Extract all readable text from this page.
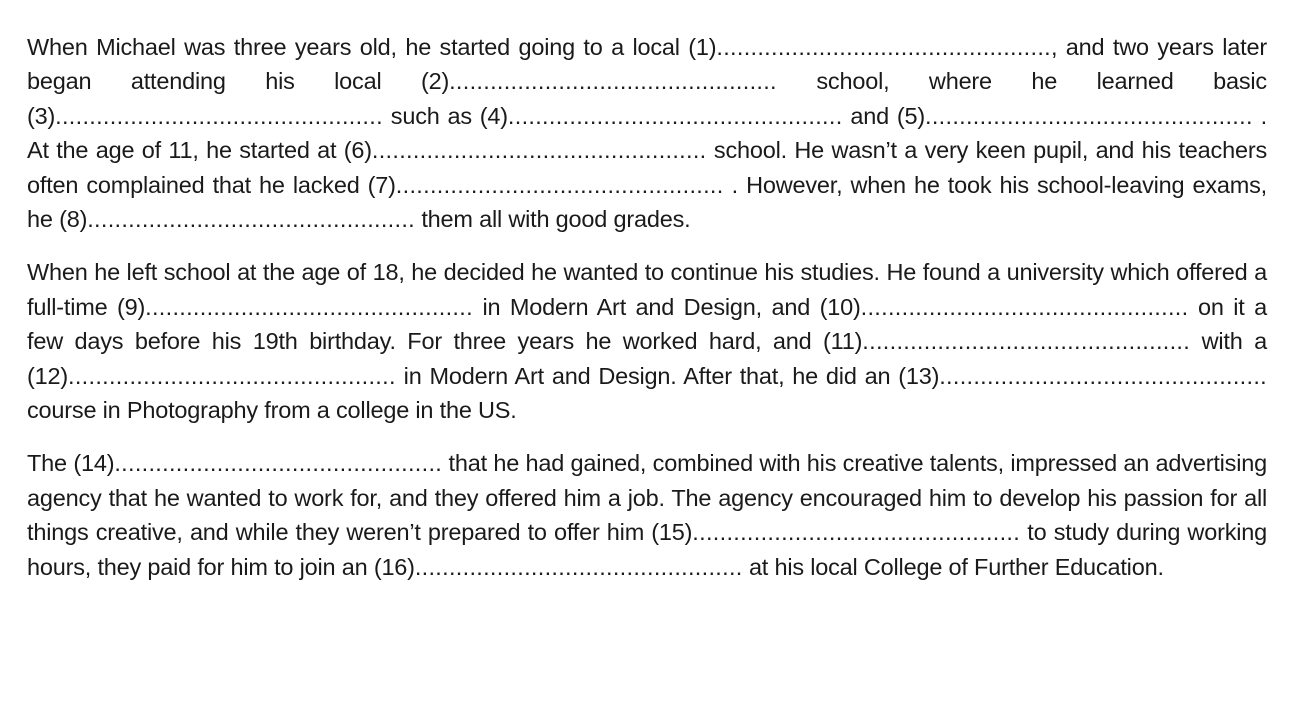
When Michael was three years old, he started going to a local (1)................................................., and two years later began attending his local (2)................................................ school, where he learned basic (3)................................................ such as (4)................................................. and (5)................................................ . At the age of 11, he started at (6)................................................. school. He wasn’t a very keen pupil, and his teachers often complained that he lacked (7)................................................ . However, when he took his school-leaving exams, he (8)................................................ them all with good grades.

When he left school at the age of 18, he decided he wanted to continue his studies. He found a university which offered a full-time (9)................................................ in Modern Art and Design, and (10)................................................ on it a few days before his 19th birthday. For three years he worked hard, and (11)................................................ with a (12)................................................ in Modern Art and Design. After that, he did an (13)................................................ course in Photography from a college in the US.

The (14)................................................ that he had gained, combined with his creative talents, impressed an advertising agency that he wanted to work for, and they offered him a job. The agency encouraged him to develop his passion for all things creative, and while they weren’t prepared to offer him (15)................................................ to study during working hours, they paid for him to join an (16)................................................ at his local College of Further Education.
